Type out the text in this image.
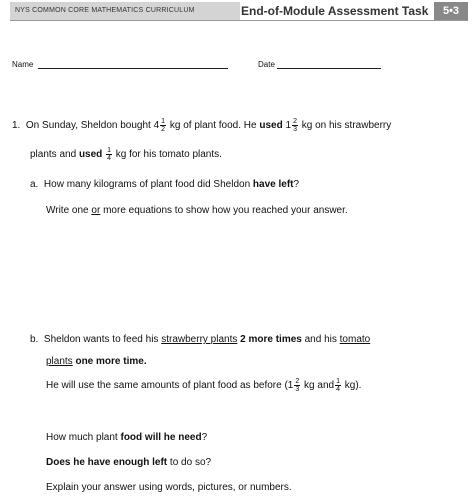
NYS COMMON CORE MATHEMATICS CURRICULUM	End-of-Module Assessment Task	5•3
Name	Date
1. On Sunday, Sheldon bought $4 \frac{1}{2}$ kg of plant food. He used $1 \frac{2}{3}$ kg on his strawberry
plants and used $\frac{1}{4}$ kg for his tomato plants.
a. How many kilograms of plant food did Sheldon have left?
Write one or more equations to show how you reached your answer.
b. Sheldon wants to feed his strawberry plants 2 more times and his tomato
plants one more time.
He will use the same amounts of plant food as before ($1 \frac{2}{3}$ kg and $\frac{1}{4} kg$).
How much plant food will he need?
Does he have enough left to do so?
Explain your answer using words, pictures, or numbers.
